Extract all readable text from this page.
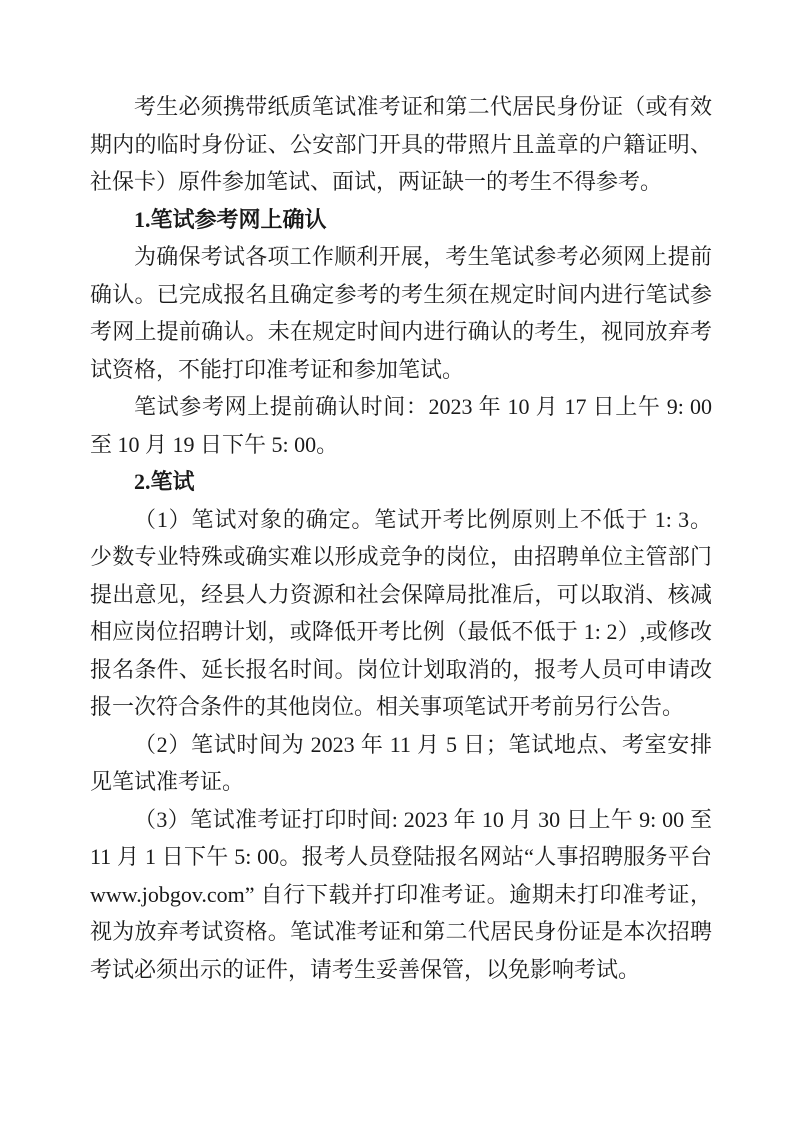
考生必须携带纸质笔试准考证和第二代居民身份证（或有效期内的临时身份证、公安部门开具的带照片且盖章的户籍证明、社保卡）原件参加笔试、面试，两证缺一的考生不得参考。

1.笔试参考网上确认

为确保考试各项工作顺利开展，考生笔试参考必须网上提前确认。已完成报名且确定参考的考生须在规定时间内进行笔试参考网上提前确认。未在规定时间内进行确认的考生，视同放弃考试资格，不能打印准考证和参加笔试。

笔试参考网上提前确认时间：2023 年 10 月 17 日上午 9: 00 至 10 月 19 日下午 5: 00。

2.笔试

（1）笔试对象的确定。笔试开考比例原则上不低于 1: 3。少数专业特殊或确实难以形成竞争的岗位，由招聘单位主管部门提出意见，经县人力资源和社会保障局批准后，可以取消、核减相应岗位招聘计划，或降低开考比例（最低不低于 1: 2）,或修改报名条件、延长报名时间。岗位计划取消的，报考人员可申请改报一次符合条件的其他岗位。相关事项笔试开考前另行公告。

（2）笔试时间为 2023 年 11 月 5 日；笔试地点、考室安排见笔试准考证。

（3）笔试准考证打印时间: 2023 年 10 月 30 日上午 9: 00 至 11 月 1 日下午 5: 00。报考人员登陆报名网站“人事招聘服务平台 www.jobgov.com” 自行下载并打印准考证。逾期未打印准考证，视为放弃考试资格。笔试准考证和第二代居民身份证是本次招聘考试必须出示的证件，请考生妥善保管，以免影响考试。
